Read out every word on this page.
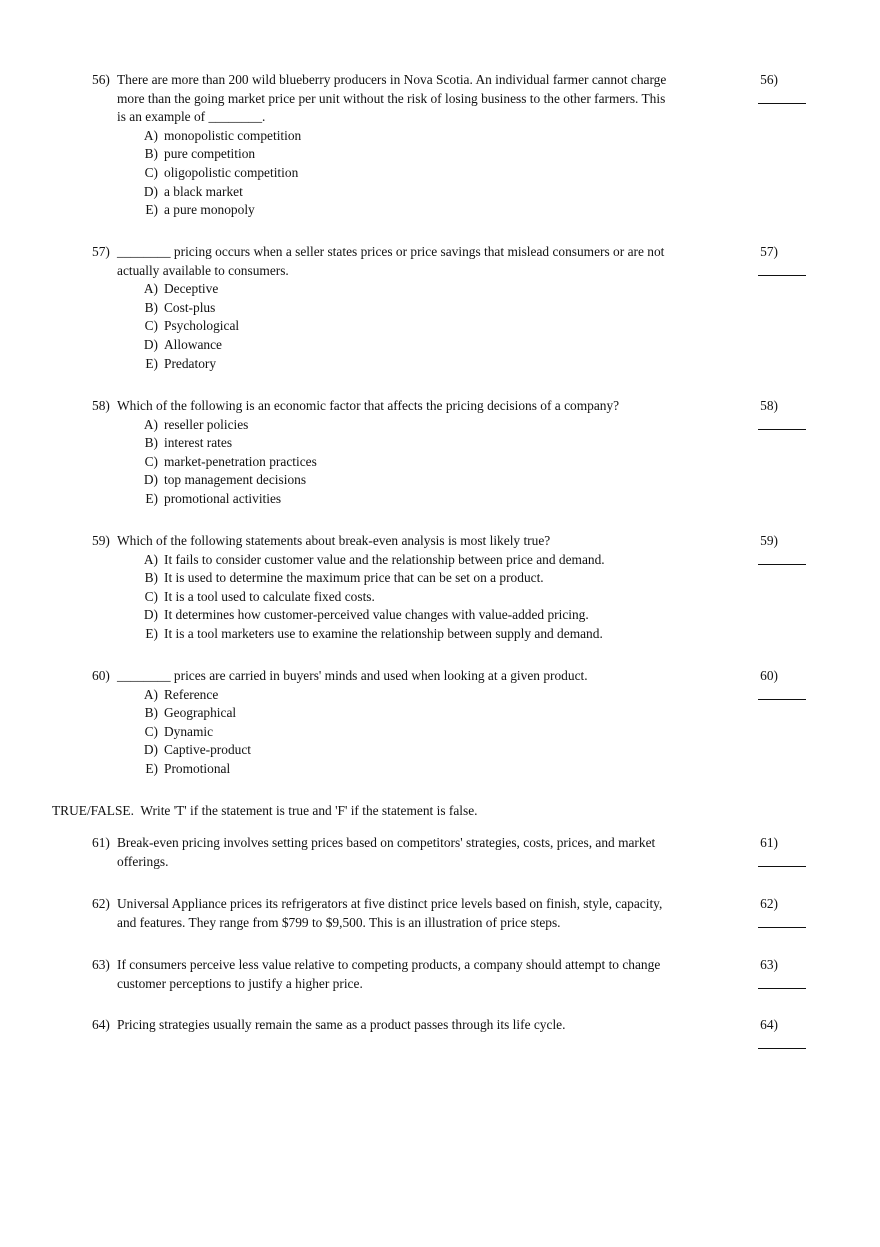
56) There are more than 200 wild blueberry producers in Nova Scotia. An individual farmer cannot charge more than the going market price per unit without the risk of losing business to the other farmers. This is an example of ________.
A) monopolistic competition
B) pure competition
C) oligopolistic competition
D) a black market
E) a pure monopoly
56)
57) ________ pricing occurs when a seller states prices or price savings that mislead consumers or are not actually available to consumers.
A) Deceptive
B) Cost-plus
C) Psychological
D) Allowance
E) Predatory
57)
58) Which of the following is an economic factor that affects the pricing decisions of a company?
A) reseller policies
B) interest rates
C) market-penetration practices
D) top management decisions
E) promotional activities
58)
59) Which of the following statements about break-even analysis is most likely true?
A) It fails to consider customer value and the relationship between price and demand.
B) It is used to determine the maximum price that can be set on a product.
C) It is a tool used to calculate fixed costs.
D) It determines how customer-perceived value changes with value-added pricing.
E) It is a tool marketers use to examine the relationship between supply and demand.
59)
60) ________ prices are carried in buyers' minds and used when looking at a given product.
A) Reference
B) Geographical
C) Dynamic
D) Captive-product
E) Promotional
60)
TRUE/FALSE.  Write 'T' if the statement is true and 'F' if the statement is false.
61) Break-even pricing involves setting prices based on competitors' strategies, costs, prices, and market offerings.
61)
62) Universal Appliance prices its refrigerators at five distinct price levels based on finish, style, capacity, and features. They range from $799 to $9,500. This is an illustration of price steps.
62)
63) If consumers perceive less value relative to competing products, a company should attempt to change customer perceptions to justify a higher price.
63)
64) Pricing strategies usually remain the same as a product passes through its life cycle.	64)
